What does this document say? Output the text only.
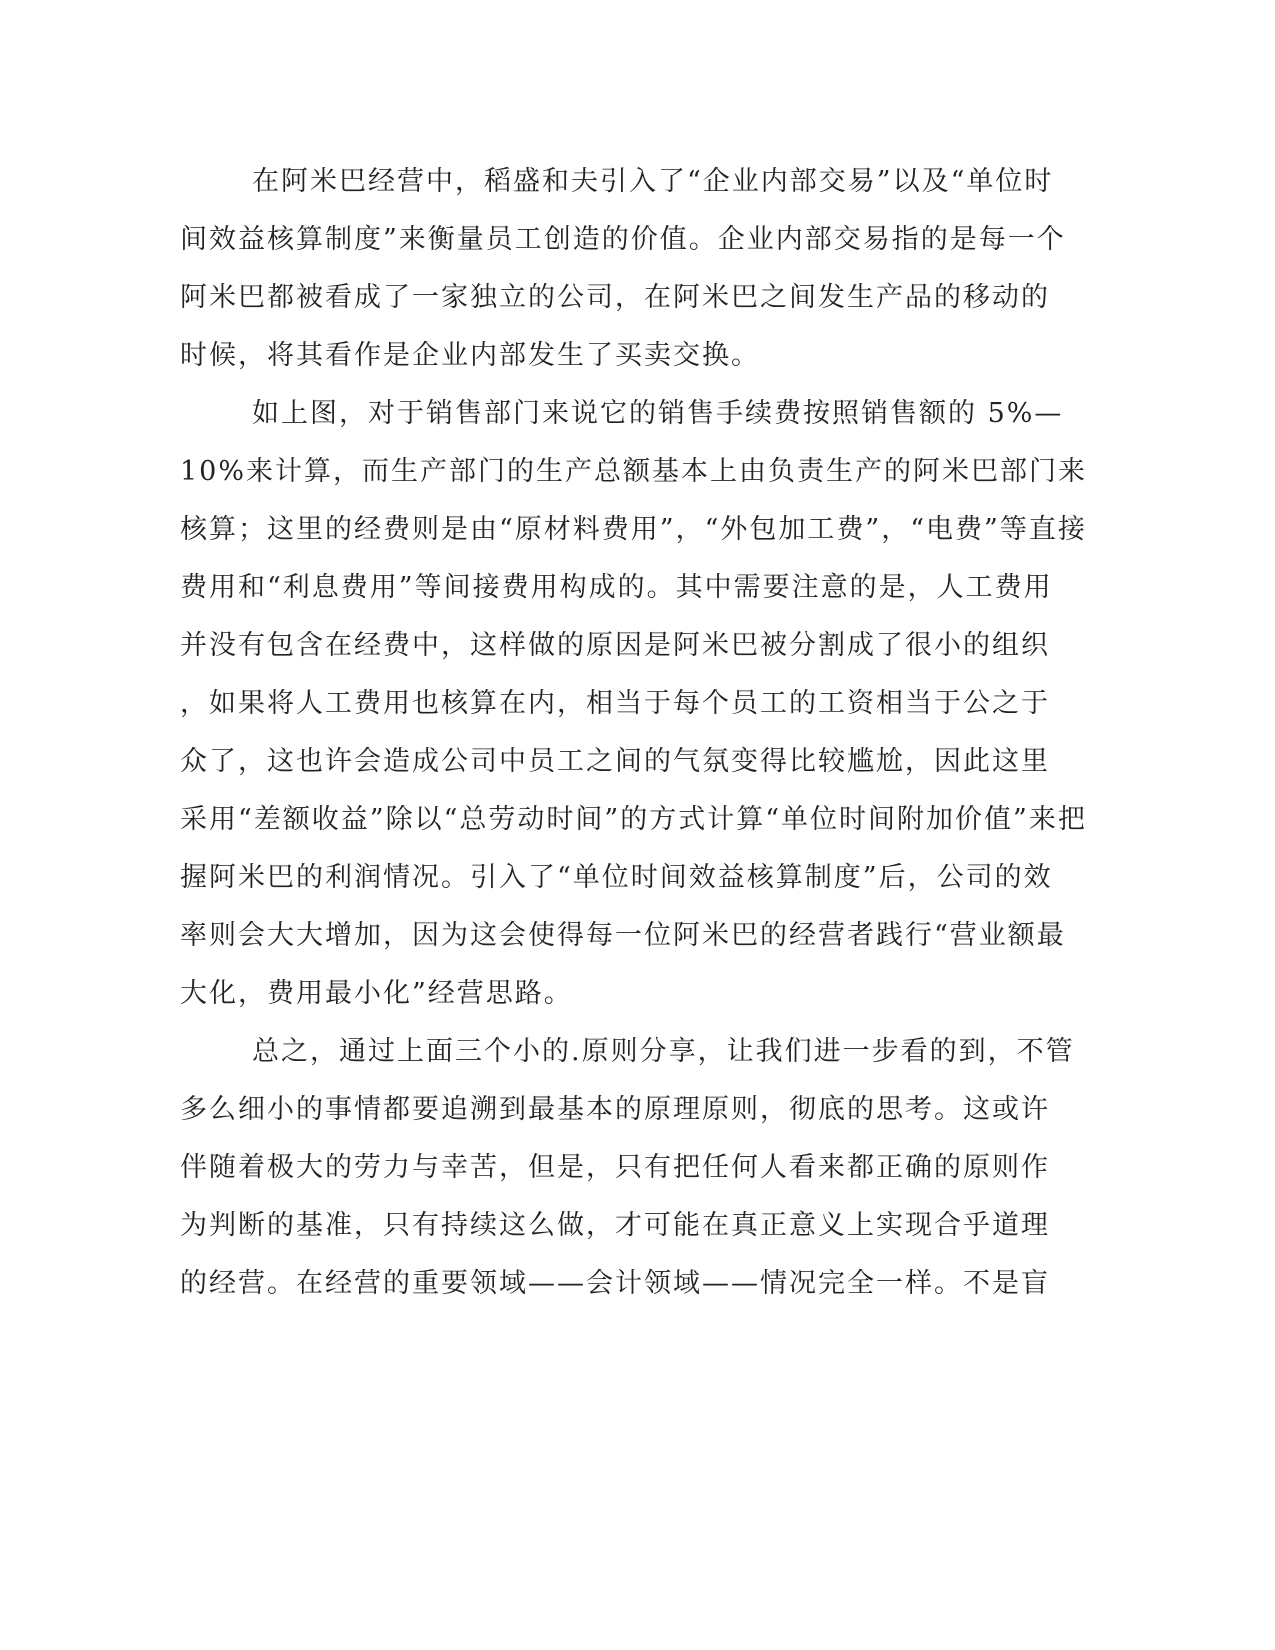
在阿米巴经营中，稻盛和夫引入了“企业内部交易”以及“单位时
间效益核算制度”来衡量员工创造的价值。企业内部交易指的是每一个
阿米巴都被看成了一家独立的公司，在阿米巴之间发生产品的移动的
时候，将其看作是企业内部发生了买卖交换。
如上图，对于销售部门来说它的销售手续费按照销售额的 5%—
10%来计算，而生产部门的生产总额基本上由负责生产的阿米巴部门来
核算；这里的经费则是由“原材料费用”，“外包加工费”，“电费”等直接
费用和“利息费用”等间接费用构成的。其中需要注意的是，人工费用
并没有包含在经费中，这样做的原因是阿米巴被分割成了很小的组织
，如果将人工费用也核算在内，相当于每个员工的工资相当于公之于
众了，这也许会造成公司中员工之间的气氛变得比较尴尬，因此这里
采用“差额收益”除以“总劳动时间”的方式计算“单位时间附加价值”来把
握阿米巴的利润情况。引入了“单位时间效益核算制度”后，公司的效
率则会大大增加，因为这会使得每一位阿米巴的经营者践行“营业额最
大化，费用最小化”经营思路。
总之，通过上面三个小的.原则分享，让我们进一步看的到，不管
多么细小的事情都要追溯到最基本的原理原则，彻底的思考。这或许
伴随着极大的劳力与幸苦，但是，只有把任何人看来都正确的原则作
为判断的基准，只有持续这么做，才可能在真正意义上实现合乎道理
的经营。在经营的重要领域——会计领域——情况完全一样。不是盲
